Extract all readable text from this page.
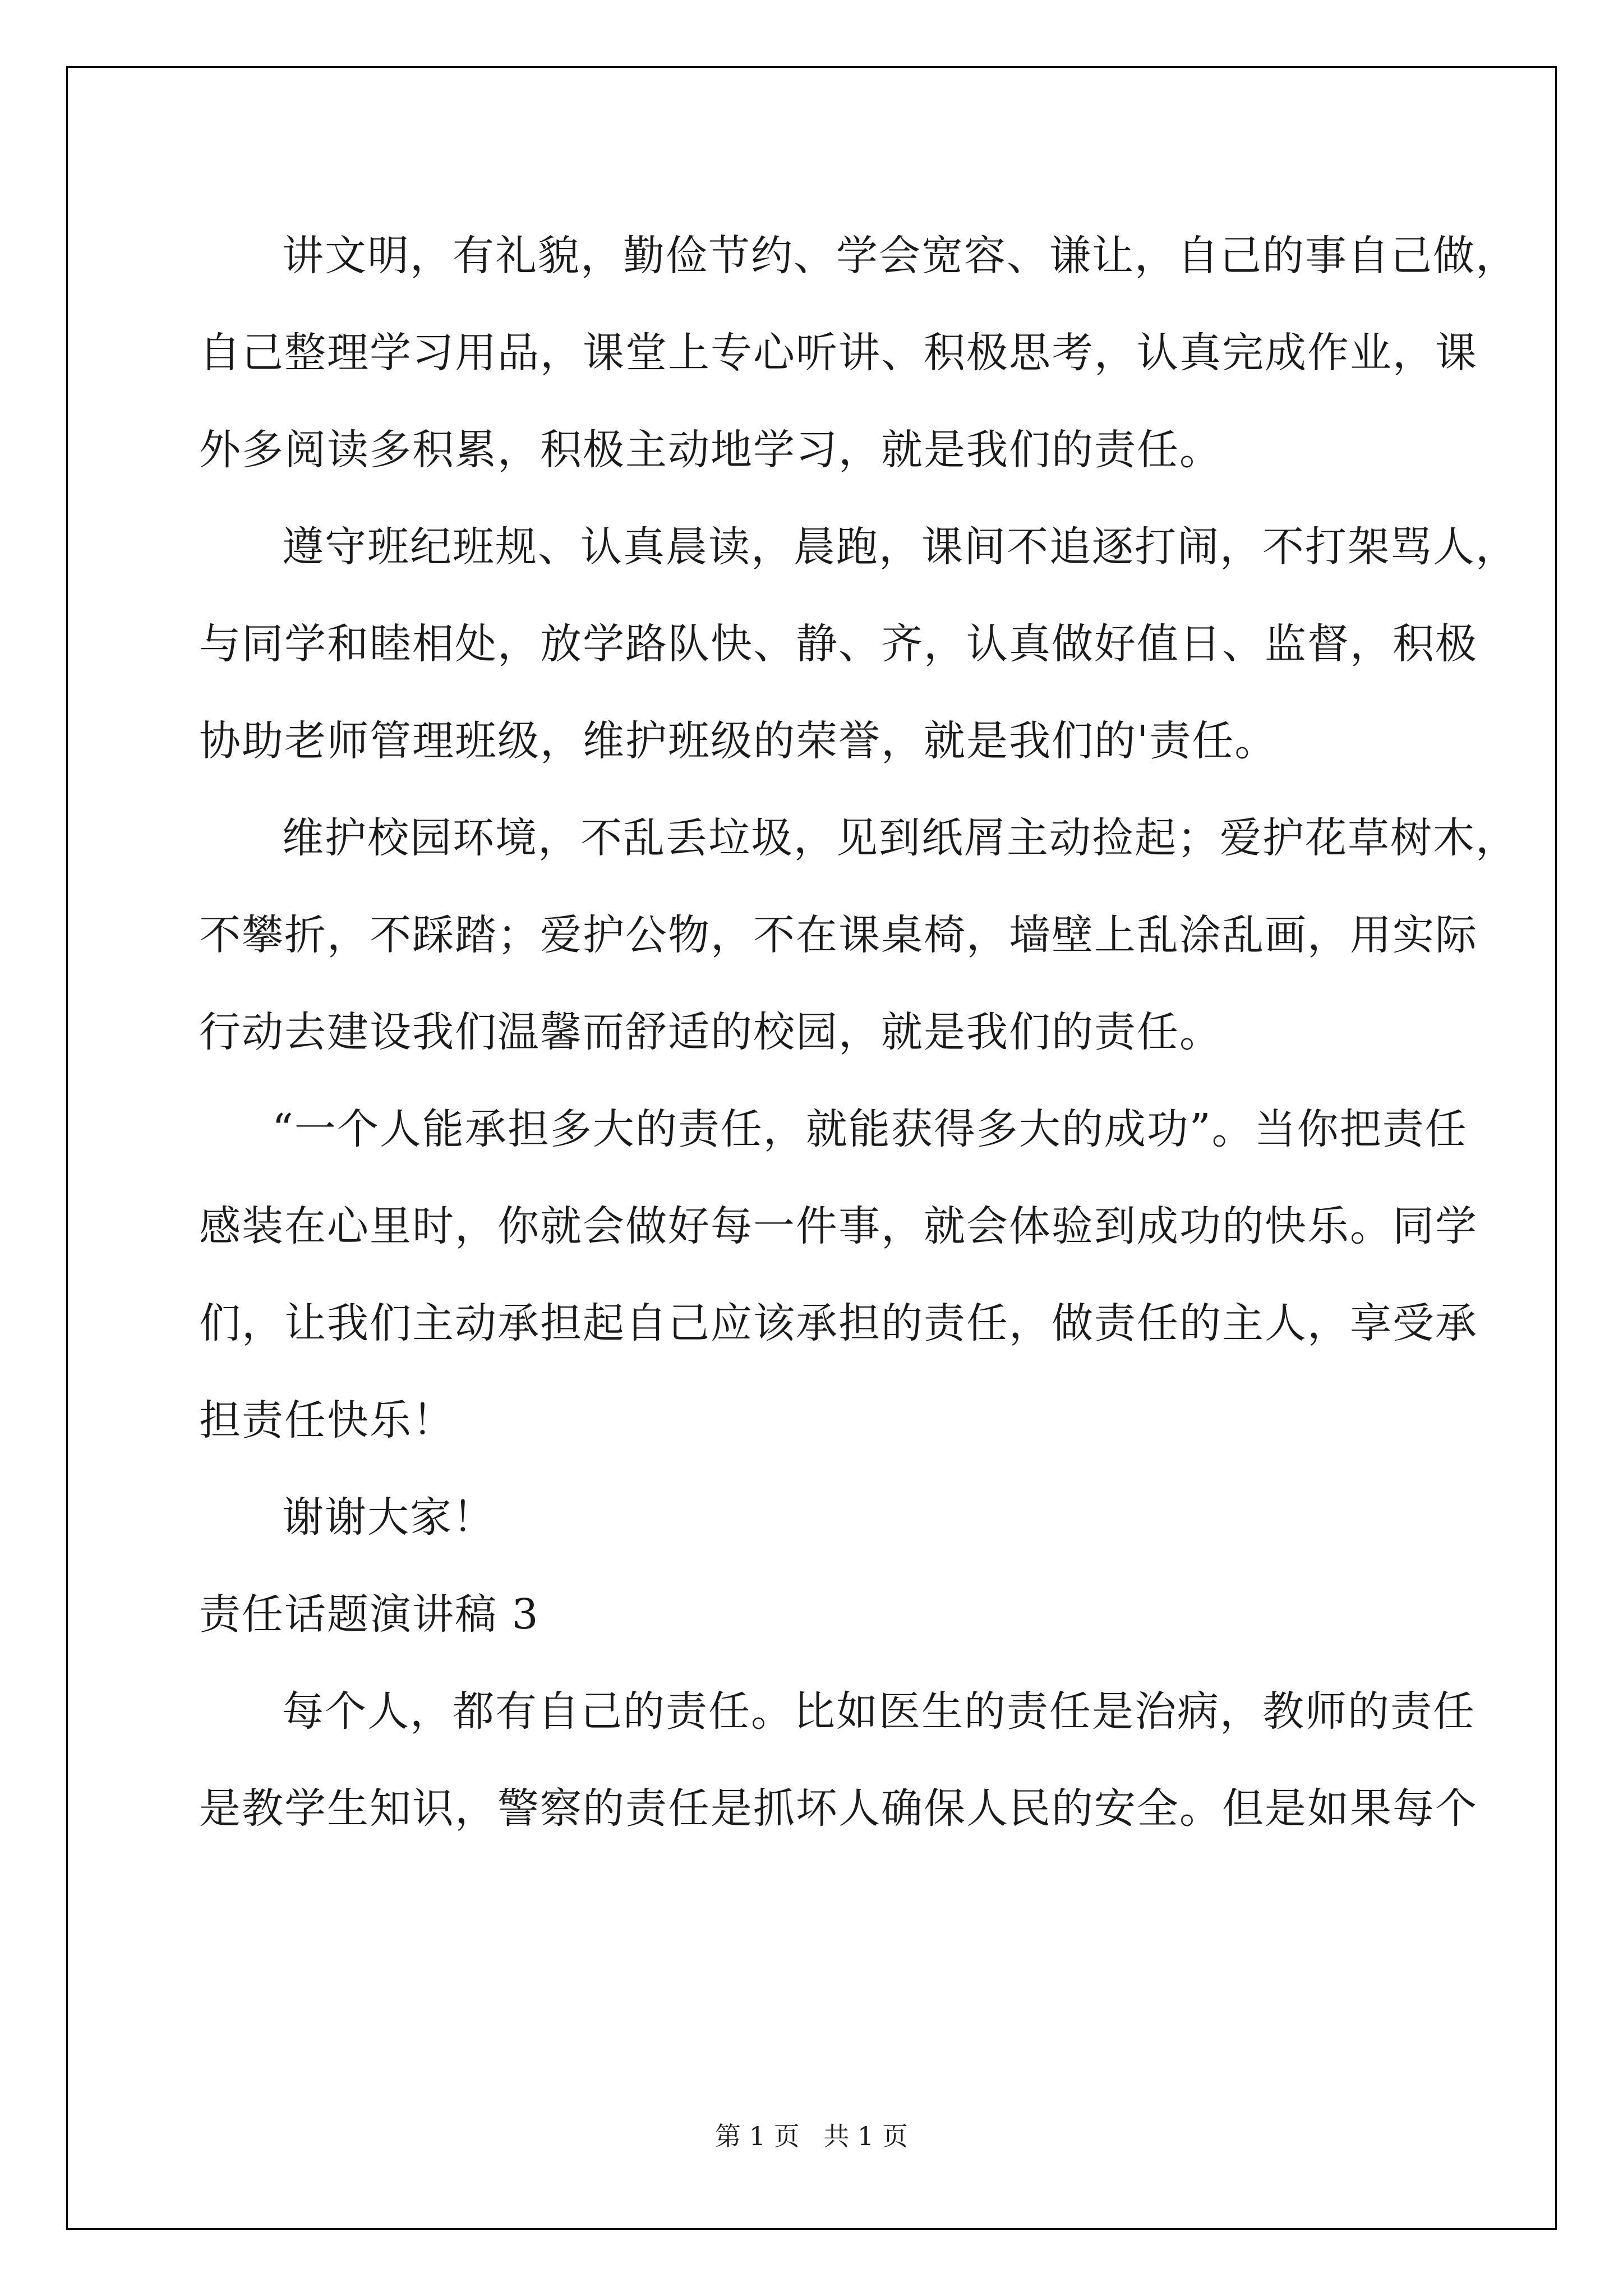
讲文明，有礼貌，勤俭节约、学会宽容、谦让，自己的事自己做，
自己整理学习用品，课堂上专心听讲、积极思考，认真完成作业，课
外多阅读多积累，积极主动地学习，就是我们的责任。
遵守班纪班规、认真晨读，晨跑，课间不追逐打闹，不打架骂人，
与同学和睦相处，放学路队快、静、齐，认真做好值日、监督，积极
协助老师管理班级，维护班级的荣誉，就是我们的'责任。
维护校园环境，不乱丢垃圾，见到纸屑主动捡起；爱护花草树木，
不攀折，不踩踏；爱护公物，不在课桌椅，墙壁上乱涂乱画，用实际
行动去建设我们温馨而舒适的校园，就是我们的责任。
“一个人能承担多大的责任，就能获得多大的成功”。当你把责任
感装在心里时，你就会做好每一件事，就会体验到成功的快乐。同学
们，让我们主动承担起自己应该承担的责任，做责任的主人，享受承
担责任快乐！
谢谢大家！
责任话题演讲稿 3
每个人，都有自己的责任。比如医生的责任是治病，教师的责任
是教学生知识，警察的责任是抓坏人确保人民的安全。但是如果每个
第 1 页 共 1 页
